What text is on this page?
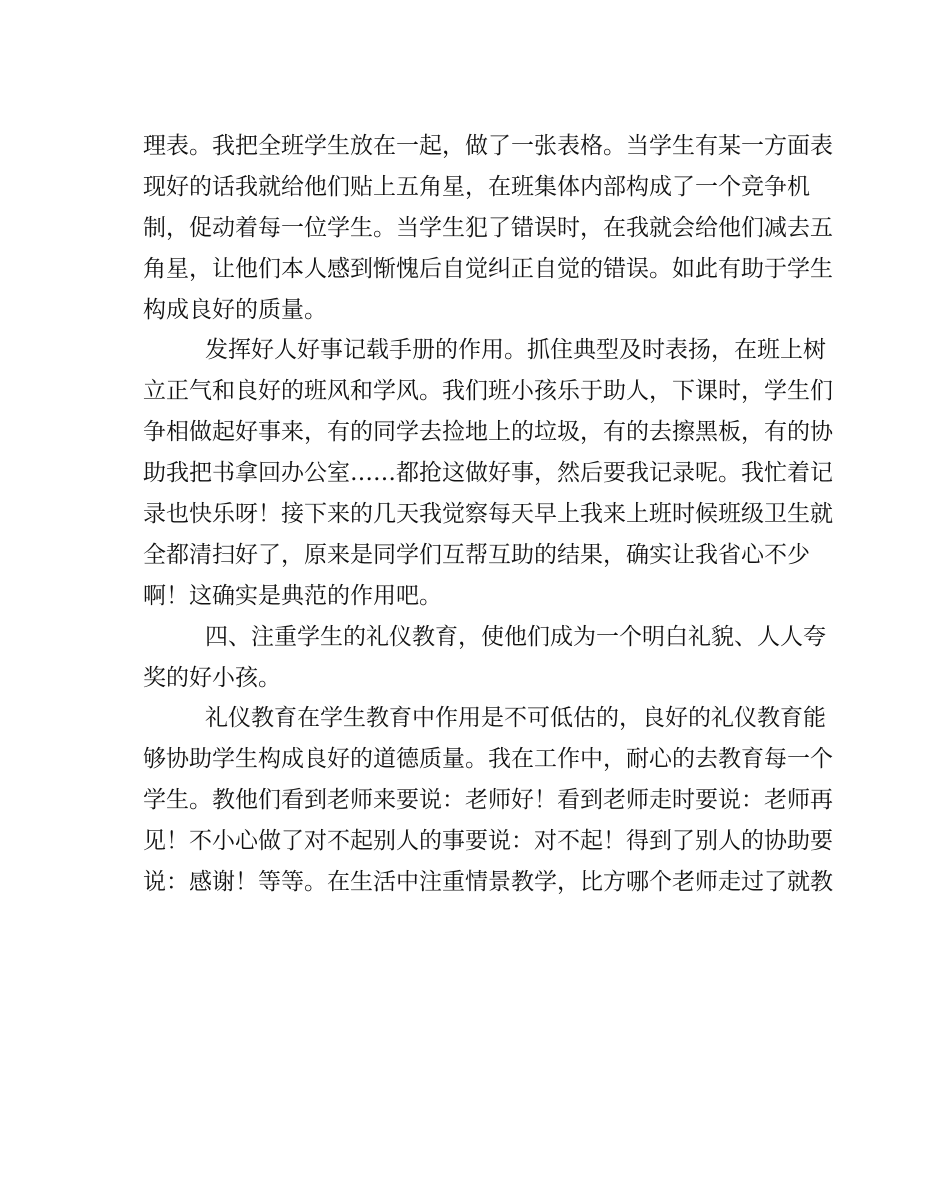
理表。我把全班学生放在一起，做了一张表格。当学生有某一方面表
现好的话我就给他们贴上五角星，在班集体内部构成了一个竞争机
制，促动着每一位学生。当学生犯了错误时，在我就会给他们减去五
角星，让他们本人感到惭愧后自觉纠正自觉的错误。如此有助于学生
构成良好的质量。
发挥好人好事记载手册的作用。抓住典型及时表扬，在班上树
立正气和良好的班风和学风。我们班小孩乐于助人，下课时，学生们
争相做起好事来，有的同学去捡地上的垃圾，有的去擦黑板，有的协
助我把书拿回办公室……都抢这做好事，然后要我记录呢。我忙着记
录也快乐呀！接下来的几天我觉察每天早上我来上班时候班级卫生就
全都清扫好了，原来是同学们互帮互助的结果，确实让我省心不少
啊！这确实是典范的作用吧。
四、注重学生的礼仪教育，使他们成为一个明白礼貌、人人夸
奖的好小孩。
礼仪教育在学生教育中作用是不可低估的，良好的礼仪教育能
够协助学生构成良好的道德质量。我在工作中，耐心的去教育每一个
学生。教他们看到老师来要说：老师好！看到老师走时要说：老师再
见！不小心做了对不起别人的事要说：对不起！得到了别人的协助要
说：感谢！等等。在生活中注重情景教学，比方哪个老师走过了就教
